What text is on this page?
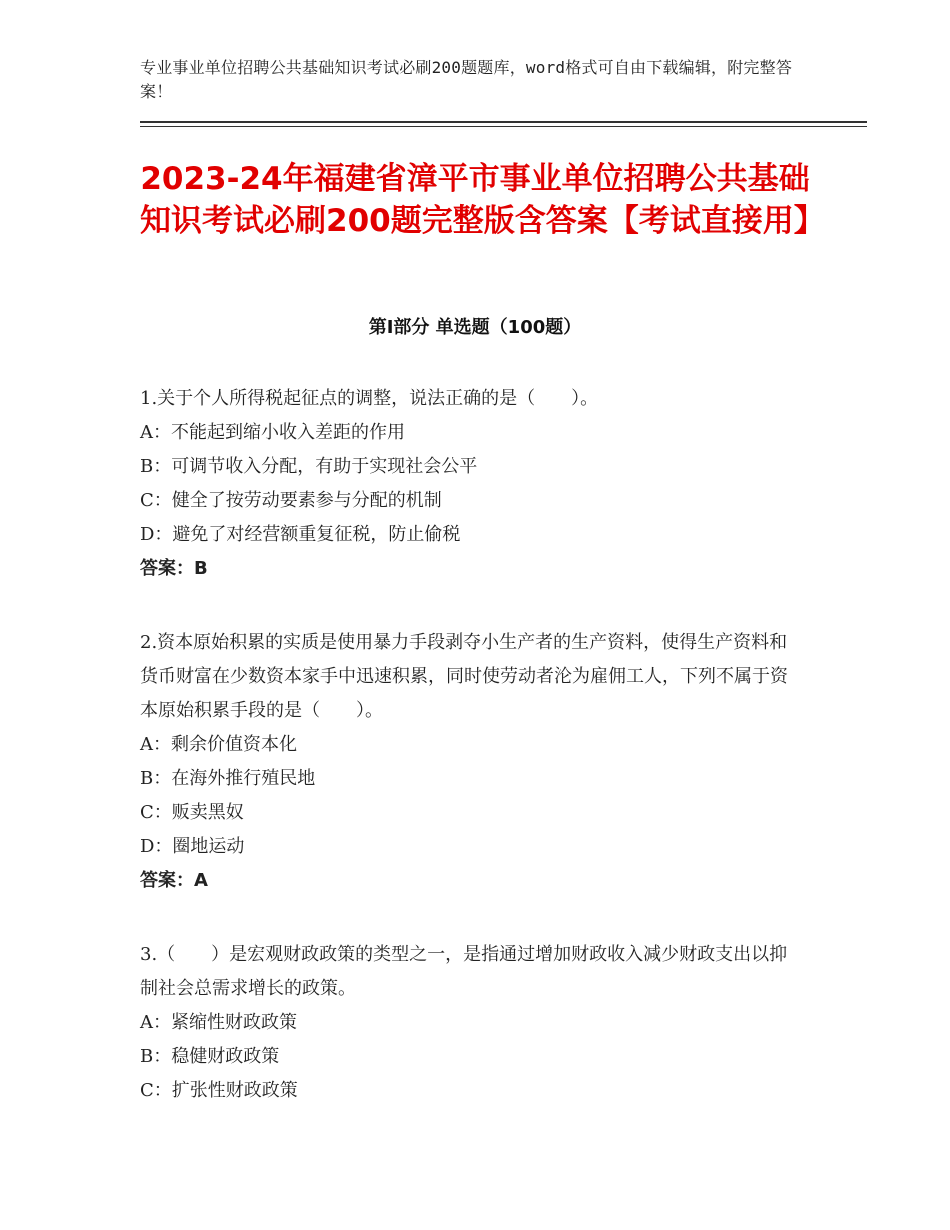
专业事业单位招聘公共基础知识考试必刷200题题库，word格式可自由下载编辑，附完整答案！
2023-24年福建省漳平市事业单位招聘公共基础知识考试必刷200题完整版含答案【考试直接用】
第Ⅰ部分 单选题（100题）

1.关于个人所得税起征点的调整，说法正确的是（　　）。

A：不能起到缩小收入差距的作用

B：可调节收入分配，有助于实现社会公平

C：健全了按劳动要素参与分配的机制

D：避免了对经营额重复征税，防止偷税

答案：B

2.资本原始积累的实质是使用暴力手段剥夺小生产者的生产资料，使得生产资料和货币财富在少数资本家手中迅速积累，同时使劳动者沦为雇佣工人，下列不属于资本原始积累手段的是（　　）。

A：剩余价值资本化

B：在海外推行殖民地

C：贩卖黑奴

D：圈地运动

答案：A

3.（　　）是宏观财政政策的类型之一，是指通过增加财政收入减少财政支出以抑制社会总需求增长的政策。

A：紧缩性财政政策

B：稳健财政政策

C：扩张性财政政策
